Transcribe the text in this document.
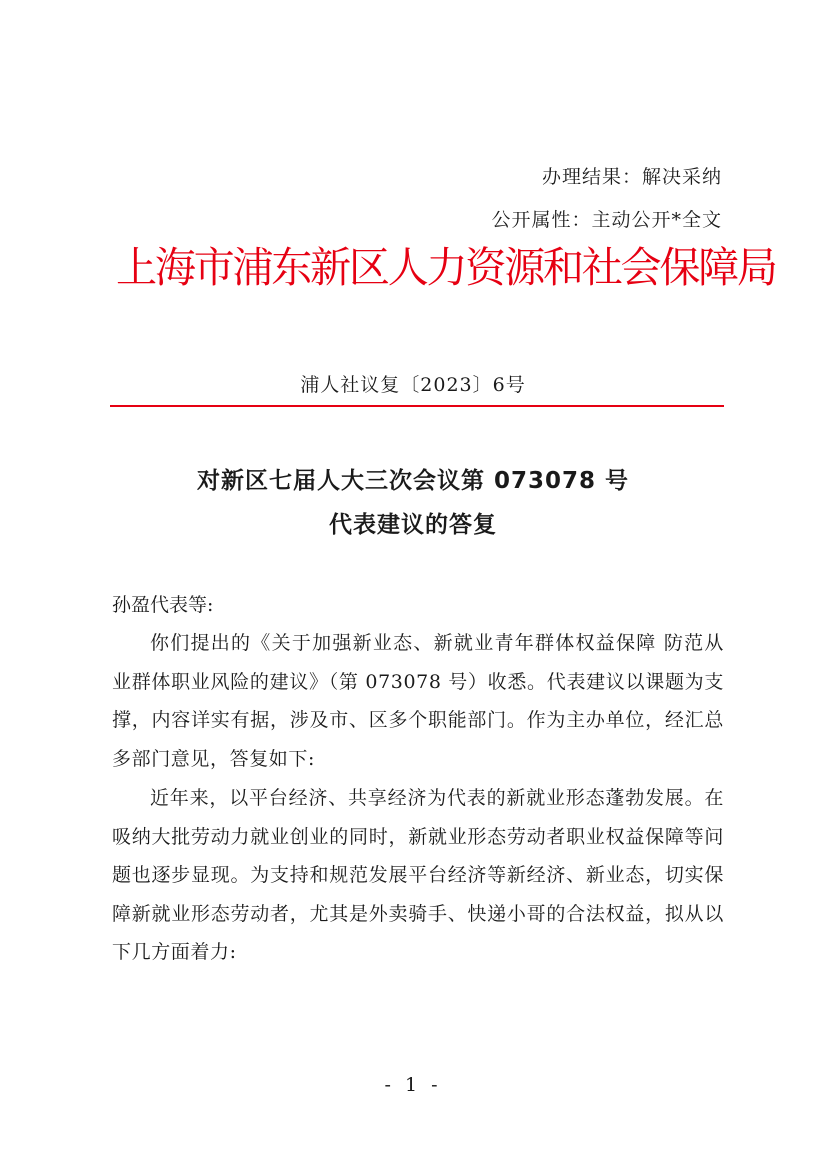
办理结果：解决采纳
公开属性：主动公开*全文
上海市浦东新区人力资源和社会保障局
浦人社议复〔2023〕6号
对新区七届人大三次会议第 073078 号
代表建议的答复
孙盈代表等:
你们提出的《关于加强新业态、新就业青年群体权益保障 防范从业群体职业风险的建议》（第 073078 号）收悉。代表建议以课题为支撑，内容详实有据，涉及市、区多个职能部门。作为主办单位，经汇总多部门意见，答复如下:
近年来，以平台经济、共享经济为代表的新就业形态蓬勃发展。在吸纳大批劳动力就业创业的同时，新就业形态劳动者职业权益保障等问题也逐步显现。为支持和规范发展平台经济等新经济、新业态，切实保障新就业形态劳动者，尤其是外卖骑手、快递小哥的合法权益，拟从以下几方面着力:
- 1 -
